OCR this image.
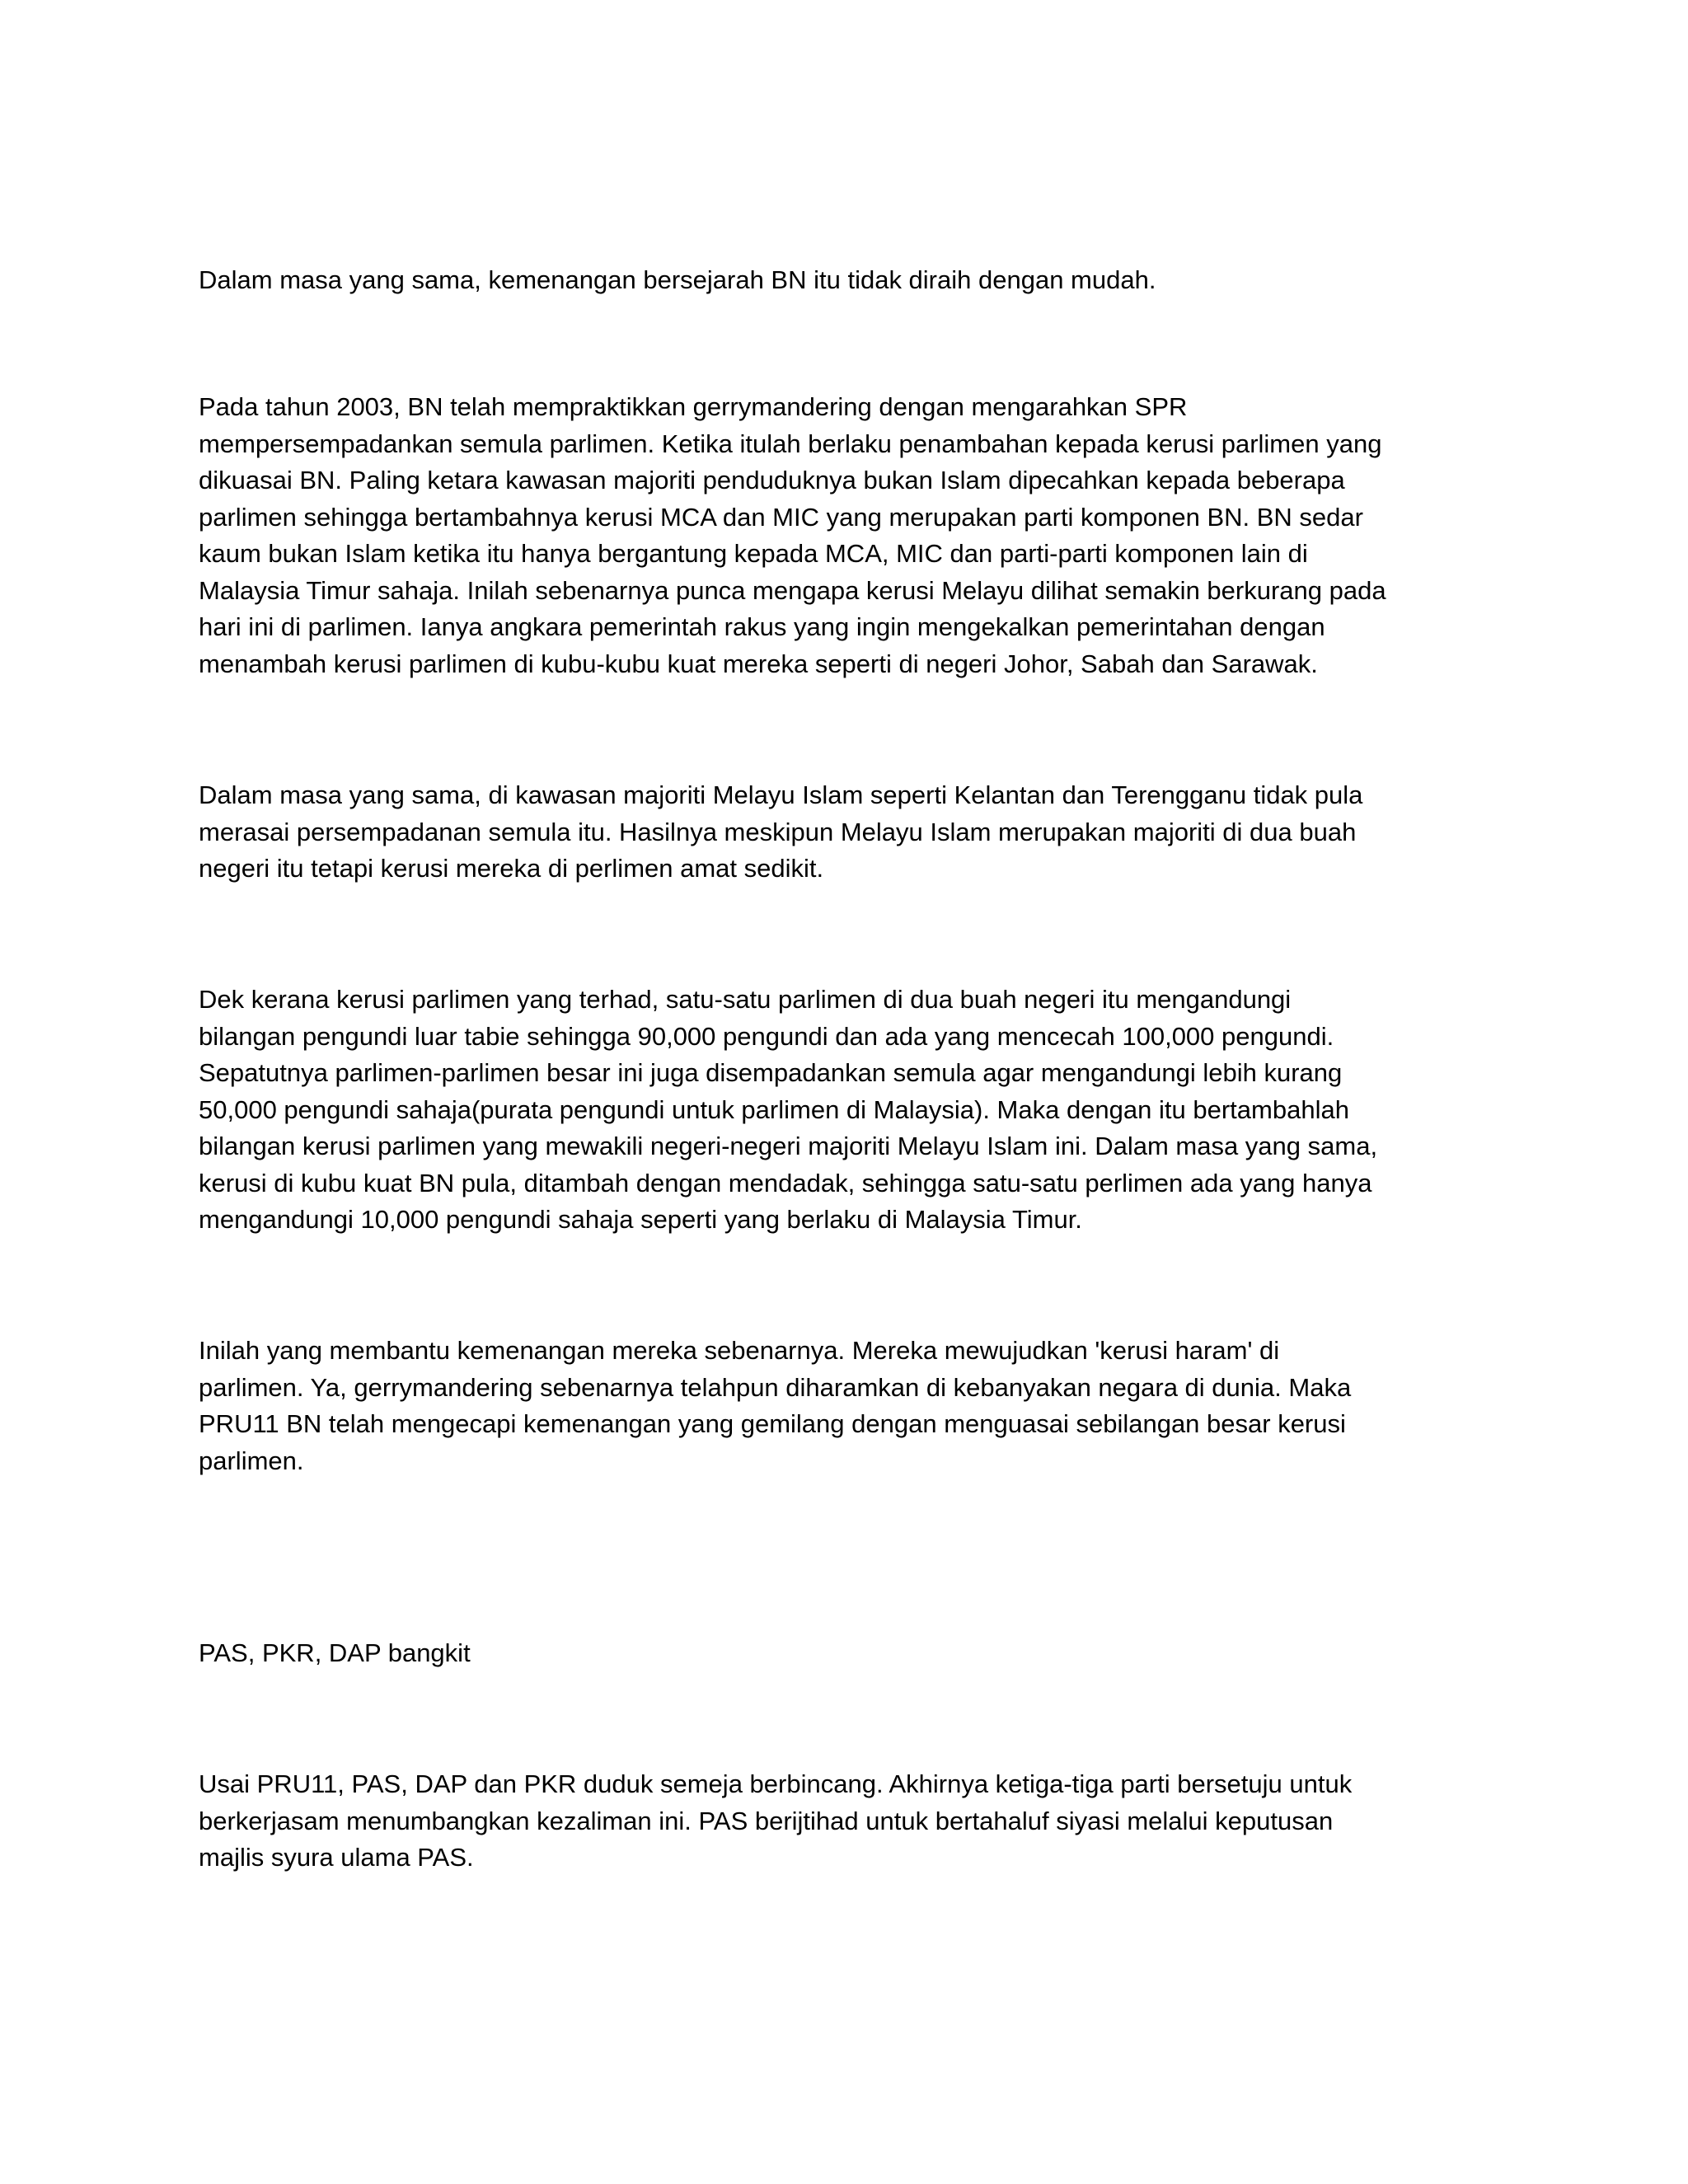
Dalam masa yang sama, kemenangan bersejarah BN itu tidak diraih dengan mudah.

Pada tahun 2003, BN telah mempraktikkan gerrymandering dengan mengarahkan SPR
mempersempadankan semula parlimen. Ketika itulah berlaku penambahan kepada kerusi parlimen yang
dikuasai BN. Paling ketara kawasan majoriti penduduknya bukan Islam dipecahkan kepada beberapa
parlimen sehingga bertambahnya kerusi MCA dan MIC yang merupakan parti komponen BN. BN sedar
kaum bukan Islam ketika itu hanya bergantung kepada MCA, MIC dan parti-parti komponen lain di
Malaysia Timur sahaja. Inilah sebenarnya punca mengapa kerusi Melayu dilihat semakin berkurang pada
hari ini di parlimen. Ianya angkara pemerintah rakus yang ingin mengekalkan pemerintahan dengan
menambah kerusi parlimen di kubu-kubu kuat mereka seperti di negeri Johor, Sabah dan Sarawak.

Dalam masa yang sama, di kawasan majoriti Melayu Islam seperti Kelantan dan Terengganu tidak pula
merasai persempadanan semula itu. Hasilnya meskipun Melayu Islam merupakan majoriti di dua buah
negeri itu tetapi kerusi mereka di perlimen amat sedikit.

Dek kerana kerusi parlimen yang terhad, satu-satu parlimen di dua buah negeri itu mengandungi
bilangan pengundi luar tabie sehingga 90,000 pengundi dan ada yang mencecah 100,000 pengundi.
Sepatutnya parlimen-parlimen besar ini juga disempadankan semula agar mengandungi lebih kurang
50,000 pengundi sahaja(purata pengundi untuk parlimen di Malaysia). Maka dengan itu bertambahlah
bilangan kerusi parlimen yang mewakili negeri-negeri majoriti Melayu Islam ini. Dalam masa yang sama,
kerusi di kubu kuat BN pula, ditambah dengan mendadak, sehingga satu-satu perlimen ada yang hanya
mengandungi 10,000 pengundi sahaja seperti yang berlaku di Malaysia Timur.

Inilah yang membantu kemenangan mereka sebenarnya. Mereka mewujudkan 'kerusi haram' di
parlimen. Ya, gerrymandering sebenarnya telahpun diharamkan di kebanyakan negara di dunia. Maka
PRU11 BN telah mengecapi kemenangan yang gemilang dengan menguasai sebilangan besar kerusi
parlimen.

PAS, PKR, DAP bangkit

Usai PRU11, PAS, DAP dan PKR duduk semeja berbincang. Akhirnya ketiga-tiga parti bersetuju untuk
berkerjasam menumbangkan kezaliman ini. PAS berijtihad untuk bertahaluf siyasi melalui keputusan
majlis syura ulama PAS.
